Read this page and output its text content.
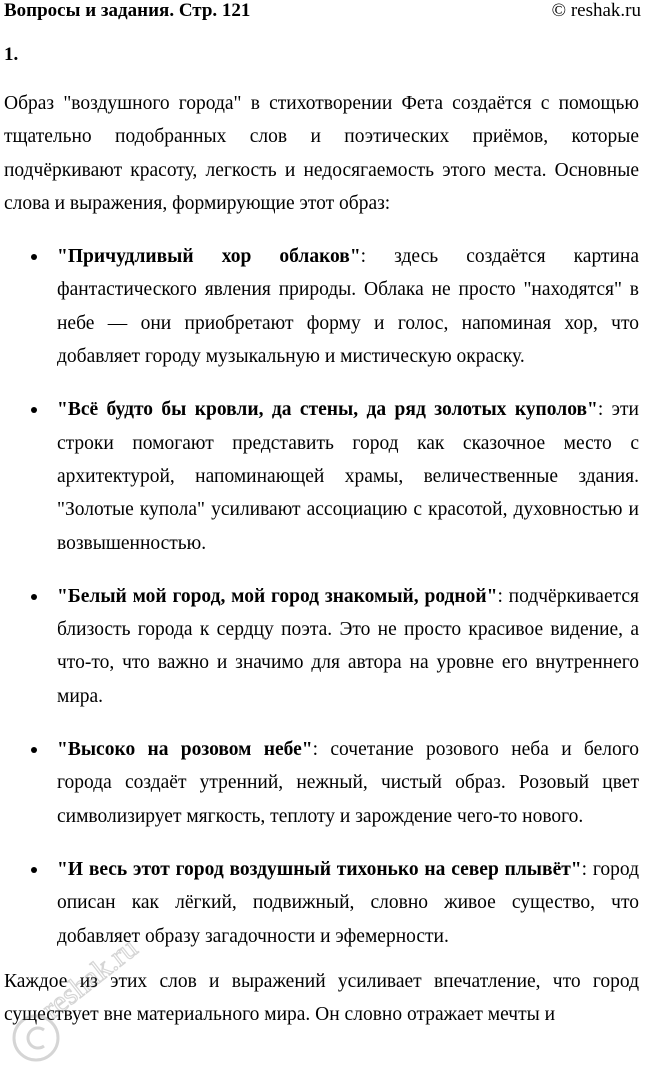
Вопросы и задания. Стр. 121	© reshak.ru
1.

Образ "воздушного города" в стихотворении Фета создаётся с помощью тщательно подобранных слов и поэтических приёмов, которые подчёркивают красоту, легкость и недосягаемость этого места. Основные слова и выражения, формирующие этот образ:

"Причудливый хор облаков": здесь создаётся картина фантастического явления природы. Облака не просто "находятся" в небе — они приобретают форму и голос, напоминая хор, что добавляет городу музыкальную и мистическую окраску.
"Всё будто бы кровли, да стены, да ряд золотых куполов": эти строки помогают представить город как сказочное место с архитектурой, напоминающей храмы, величественные здания. "Золотые купола" усиливают ассоциацию с красотой, духовностью и возвышенностью.
"Белый мой город, мой город знакомый, родной": подчёркивается близость города к сердцу поэта. Это не просто красивое видение, а что-то, что важно и значимо для автора на уровне его внутреннего мира.
"Высоко на розовом небе": сочетание розового неба и белого города создаёт утренний, нежный, чистый образ. Розовый цвет символизирует мягкость, теплоту и зарождение чего-то нового.
"И весь этот город воздушный тихонько на север плывёт": город описан как лёгкий, подвижный, словно живое существо, что добавляет образу загадочности и эфемерности.

Каждое из этих слов и выражений усиливает впечатление, что город существует вне материального мира. Он словно отражает мечты и

reshak.ru
